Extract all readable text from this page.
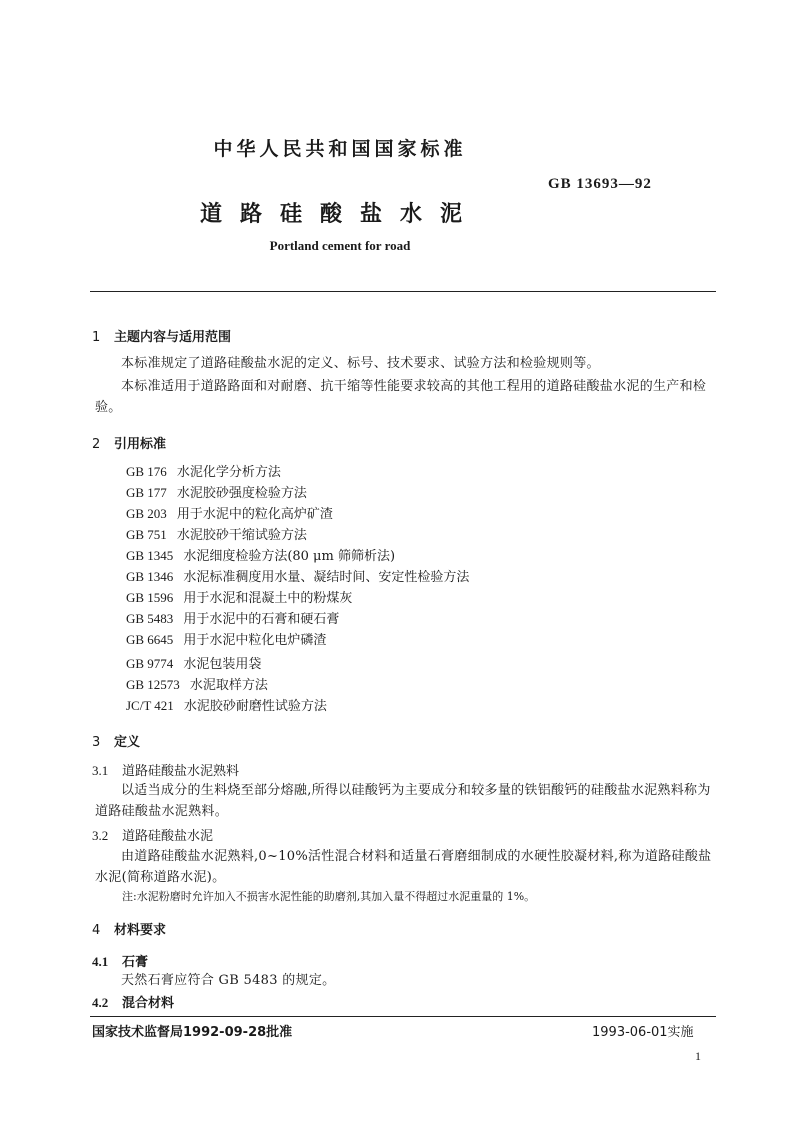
中华人民共和国国家标准
GB 13693—92
道路硅酸盐水泥
Portland cement for road
1 主题内容与适用范围
本标准规定了道路硅酸盐水泥的定义、标号、技术要求、试验方法和检验规则等。
本标准适用于道路路面和对耐磨、抗干缩等性能要求较高的其他工程用的道路硅酸盐水泥的生产和检验。
2 引用标准
GB 176 水泥化学分析方法
GB 177 水泥胶砂强度检验方法
GB 203 用于水泥中的粒化高炉矿渣
GB 751 水泥胶砂干缩试验方法
GB 1345 水泥细度检验方法(80 μm 筛筛析法)
GB 1346 水泥标准稠度用水量、凝结时间、安定性检验方法
GB 1596 用于水泥和混凝土中的粉煤灰
GB 5483 用于水泥中的石膏和硬石膏
GB 6645 用于水泥中粒化电炉磷渣
GB 9774 水泥包装用袋
GB 12573 水泥取样方法
JC/T 421 水泥胶砂耐磨性试验方法
3 定义
3.1 道路硅酸盐水泥熟料
以适当成分的生料烧至部分熔融,所得以硅酸钙为主要成分和较多量的铁铝酸钙的硅酸盐水泥熟料称为道路硅酸盐水泥熟料。
3.2 道路硅酸盐水泥
由道路硅酸盐水泥熟料,0~10%活性混合材料和适量石膏磨细制成的水硬性胶凝材料,称为道路硅酸盐水泥(简称道路水泥)。
注:水泥粉磨时允许加入不损害水泥性能的助磨剂,其加入量不得超过水泥重量的 1%。
4 材料要求
4.1 石膏
天然石膏应符合 GB 5483 的规定。
4.2 混合材料
国家技术监督局1992-09-28批准	1993-06-01实施
1
